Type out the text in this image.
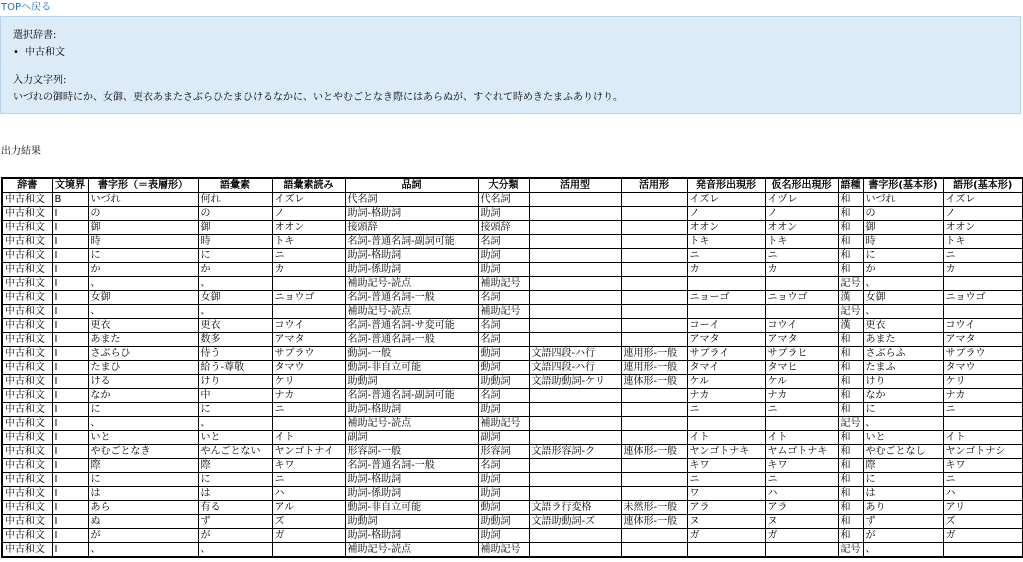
TOPへ戻る
選択辞書:
• 中古和文
入力文字列:
いづれの御時にか、女御、更衣あまたさぶらひたまひけるなかに、いとやむごとなき際にはあらぬが、すぐれて時めきたまふありけり。
出力結果
辞書	文境界	書字形（＝表層形）	語彙素	語彙素読み	品詞	大分類	活用型	活用形	発音形出現形	仮名形出現形	語種	書字形(基本形)	語形(基本形)
中古和文	B	いづれ	何れ	イズレ	代名詞	代名詞			イズレ	イヅレ	和	いづれ	イズレ
中古和文	I	の	の	ノ	助詞-格助詞	助詞			ノ	ノ	和	の	ノ
中古和文	I	御	御	オオン	接頭辞	接頭辞			オオン	オオン	和	御	オオン
中古和文	I	時	時	トキ	名詞-普通名詞-副詞可能	名詞			トキ	トキ	和	時	トキ
中古和文	I	に	に	ニ	助詞-格助詞	助詞			ニ	ニ	和	に	ニ
中古和文	I	か	か	カ	助詞-係助詞	助詞			カ	カ	和	か	カ
中古和文	I	、	、		補助記号-読点	補助記号					記号	、	
中古和文	I	女御	女御	ニョウゴ	名詞-普通名詞-一般	名詞			ニョーゴ	ニョウゴ	漢	女御	ニョウゴ
中古和文	I	、	、		補助記号-読点	補助記号					記号	、	
中古和文	I	更衣	更衣	コウイ	名詞-普通名詞-サ変可能	名詞			コーイ	コウイ	漢	更衣	コウイ
中古和文	I	あまた	数多	アマタ	名詞-普通名詞-一般	名詞			アマタ	アマタ	和	あまた	アマタ
中古和文	I	さぶらひ	侍う	サブラウ	動詞-一般	動詞	文語四段-ハ行	連用形-一般	サブライ	サブラヒ	和	さぶらふ	サブラウ
中古和文	I	たまひ	給う-尊敬	タマウ	動詞-非自立可能	動詞	文語四段-ハ行	連用形-一般	タマイ	タマヒ	和	たまふ	タマウ
中古和文	I	ける	けり	ケリ	助動詞	助動詞	文語助動詞-ケリ	連体形-一般	ケル	ケル	和	けり	ケリ
中古和文	I	なか	中	ナカ	名詞-普通名詞-副詞可能	名詞			ナカ	ナカ	和	なか	ナカ
中古和文	I	に	に	ニ	助詞-格助詞	助詞			ニ	ニ	和	に	ニ
中古和文	I	、	、		補助記号-読点	補助記号					記号	、	
中古和文	I	いと	いと	イト	副詞	副詞			イト	イト	和	いと	イト
中古和文	I	やむごとなき	やんごとない	ヤンゴトナイ	形容詞-一般	形容詞	文語形容詞-ク	連体形-一般	ヤンゴトナキ	ヤムゴトナキ	和	やむごとなし	ヤンゴトナシ
中古和文	I	際	際	キワ	名詞-普通名詞-一般	名詞			キワ	キワ	和	際	キワ
中古和文	I	に	に	ニ	助詞-格助詞	助詞			ニ	ニ	和	に	ニ
中古和文	I	は	は	ハ	助詞-係助詞	助詞			ワ	ハ	和	は	ハ
中古和文	I	あら	有る	アル	動詞-非自立可能	動詞	文語ラ行変格	未然形-一般	アラ	アラ	和	あり	アリ
中古和文	I	ぬ	ず	ズ	助動詞	助動詞	文語助動詞-ズ	連体形-一般	ヌ	ヌ	和	ず	ズ
中古和文	I	が	が	ガ	助詞-格助詞	助詞			ガ	ガ	和	が	ガ
中古和文	I	、	、		補助記号-読点	補助記号					記号	、	
